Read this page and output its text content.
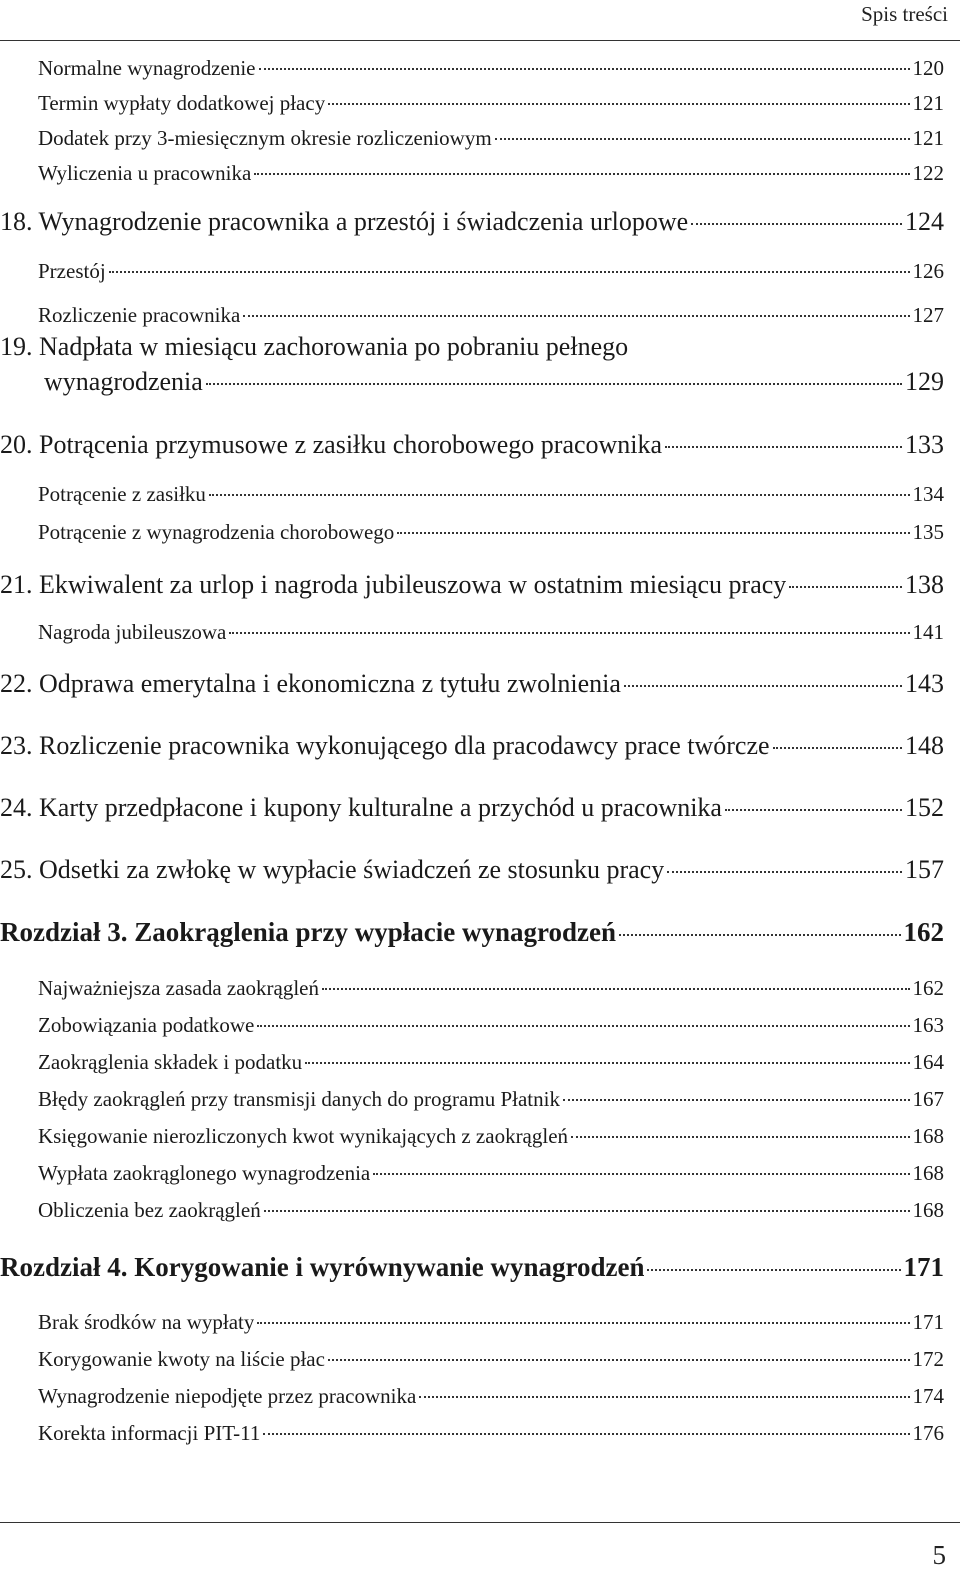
Spis treści
Normalne wynagrodzenie	120
Termin wypłaty dodatkowej płacy	121
Dodatek przy 3-miesięcznym okresie rozliczeniowym	121
Wyliczenia u pracownika	122
18. Wynagrodzenie pracownika a przestój i świadczenia urlopowe	124
Przestój	126
Rozliczenie pracownika	127
19. Nadpłata w miesiącu zachorowania po pobraniu pełnego
wynagrodzenia	129
20. Potrącenia przymusowe z zasiłku chorobowego pracownika	133
Potrącenie z zasiłku	134
Potrącenie z wynagrodzenia chorobowego	135
21. Ekwiwalent za urlop i nagroda jubileuszowa w ostatnim miesiącu pracy	138
Nagroda jubileuszowa	141
22. Odprawa emerytalna i ekonomiczna z tytułu zwolnienia	143
23. Rozliczenie pracownika wykonującego dla pracodawcy prace twórcze	148
24. Karty przedpłacone i kupony kulturalne a przychód u pracownika	152
25. Odsetki za zwłokę w wypłacie świadczeń ze stosunku pracy	157
Rozdział 3. Zaokrąglenia przy wypłacie wynagrodzeń	162
Najważniejsza zasada zaokrągleń	162
Zobowiązania podatkowe	163
Zaokrąglenia składek i podatku	164
Błędy zaokrągleń przy transmisji danych do programu Płatnik	167
Księgowanie nierozliczonych kwot wynikających z zaokrągleń	168
Wypłata zaokrąglonego wynagrodzenia	168
Obliczenia bez zaokrągleń	168
Rozdział 4. Korygowanie i wyrównywanie wynagrodzeń	171
Brak środków na wypłaty	171
Korygowanie kwoty na liście płac	172
Wynagrodzenie niepodjęte przez pracownika	174
Korekta informacji PIT-11	176
5
